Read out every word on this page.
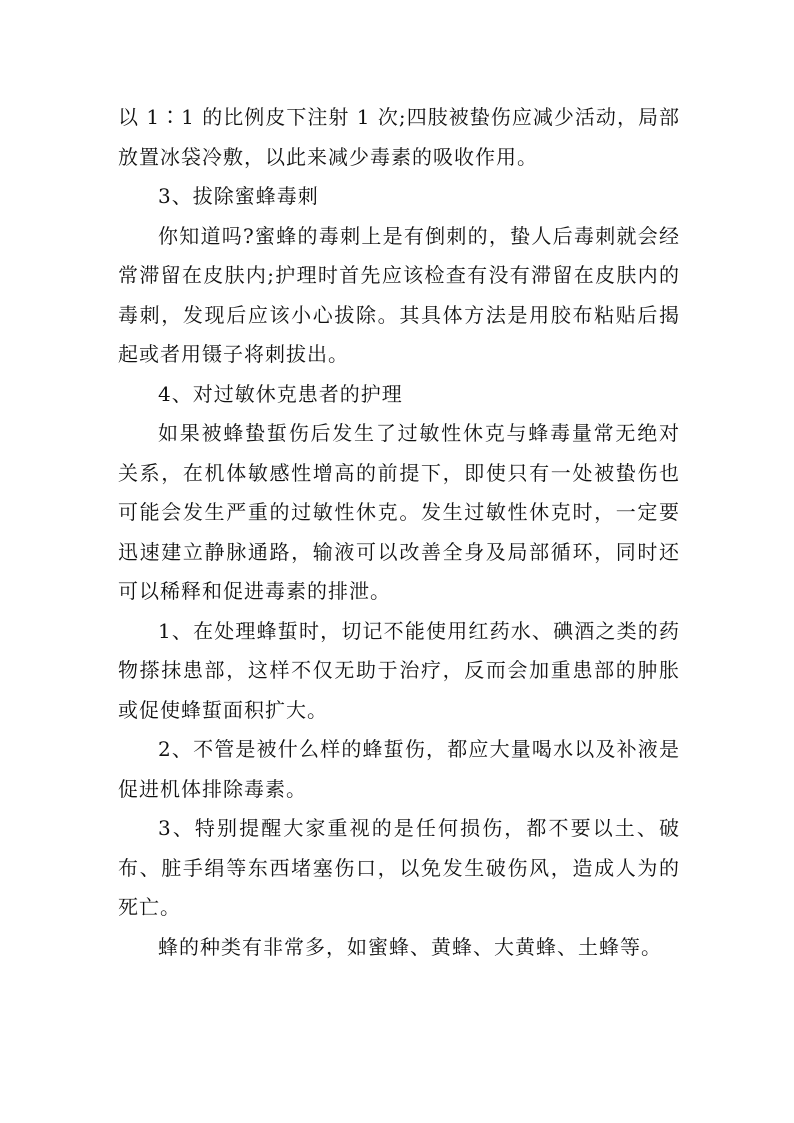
以 1∶1 的比例皮下注射 1 次;四肢被蛰伤应减少活动，局部放置冰袋冷敷，以此来减少毒素的吸收作用。

3、拔除蜜蜂毒刺

你知道吗?蜜蜂的毒刺上是有倒刺的，蛰人后毒刺就会经常滞留在皮肤内;护理时首先应该检查有没有滞留在皮肤内的毒刺，发现后应该小心拔除。其具体方法是用胶布粘贴后揭起或者用镊子将刺拔出。

4、对过敏休克患者的护理

如果被蜂蛰蜇伤后发生了过敏性休克与蜂毒量常无绝对关系，在机体敏感性增高的前提下，即使只有一处被蛰伤也可能会发生严重的过敏性休克。发生过敏性休克时，一定要迅速建立静脉通路，输液可以改善全身及局部循环，同时还可以稀释和促进毒素的排泄。

1、在处理蜂蜇时，切记不能使用红药水、碘酒之类的药物搽抹患部，这样不仅无助于治疗，反而会加重患部的肿胀或促使蜂蜇面积扩大。

2、不管是被什么样的蜂蜇伤，都应大量喝水以及补液是促进机体排除毒素。

3、特别提醒大家重视的是任何损伤，都不要以土、破布、脏手绢等东西堵塞伤口，以免发生破伤风，造成人为的死亡。

蜂的种类有非常多，如蜜蜂、黄蜂、大黄蜂、土蜂等。
